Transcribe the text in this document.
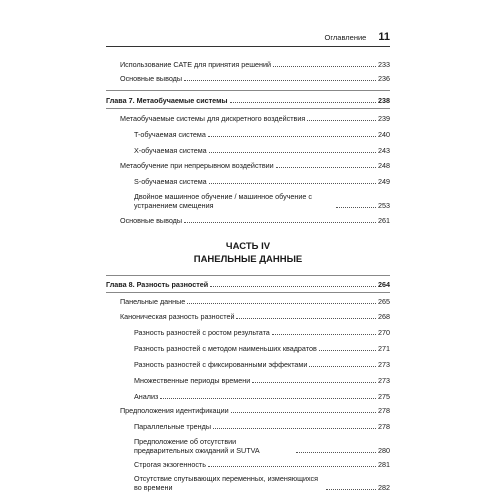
Оглавление 11
Использование CATE для принятия решений	233
Основные выводы	236
Глава 7. Метаобучаемые системы	238
Метаобучаемые системы для дискретного воздействия	239
T-обучаемая система	240
X-обучаемая система	243
Метаобучение при непрерывном воздействии	248
S-обучаемая система	249
Двойное машинное обучение / машинное обучение с устранением смещения	253
Основные выводы	261
ЧАСТЬ IV
ПАНЕЛЬНЫЕ ДАННЫЕ
Глава 8. Разность разностей	264
Панельные данные	265
Каноническая разность разностей	268
Разность разностей с ростом результата	270
Разность разностей с методом наименьших квадратов	271
Разность разностей с фиксированными эффектами	273
Множественные периоды времени	273
Анализ	275
Предположения идентификации	278
Параллельные тренды	278
Предположение об отсутствии предварительных ожиданий и SUTVA	280
Строгая экзогенность	281
Отсутствие спутывающих переменных, изменяющихся во времени	282
